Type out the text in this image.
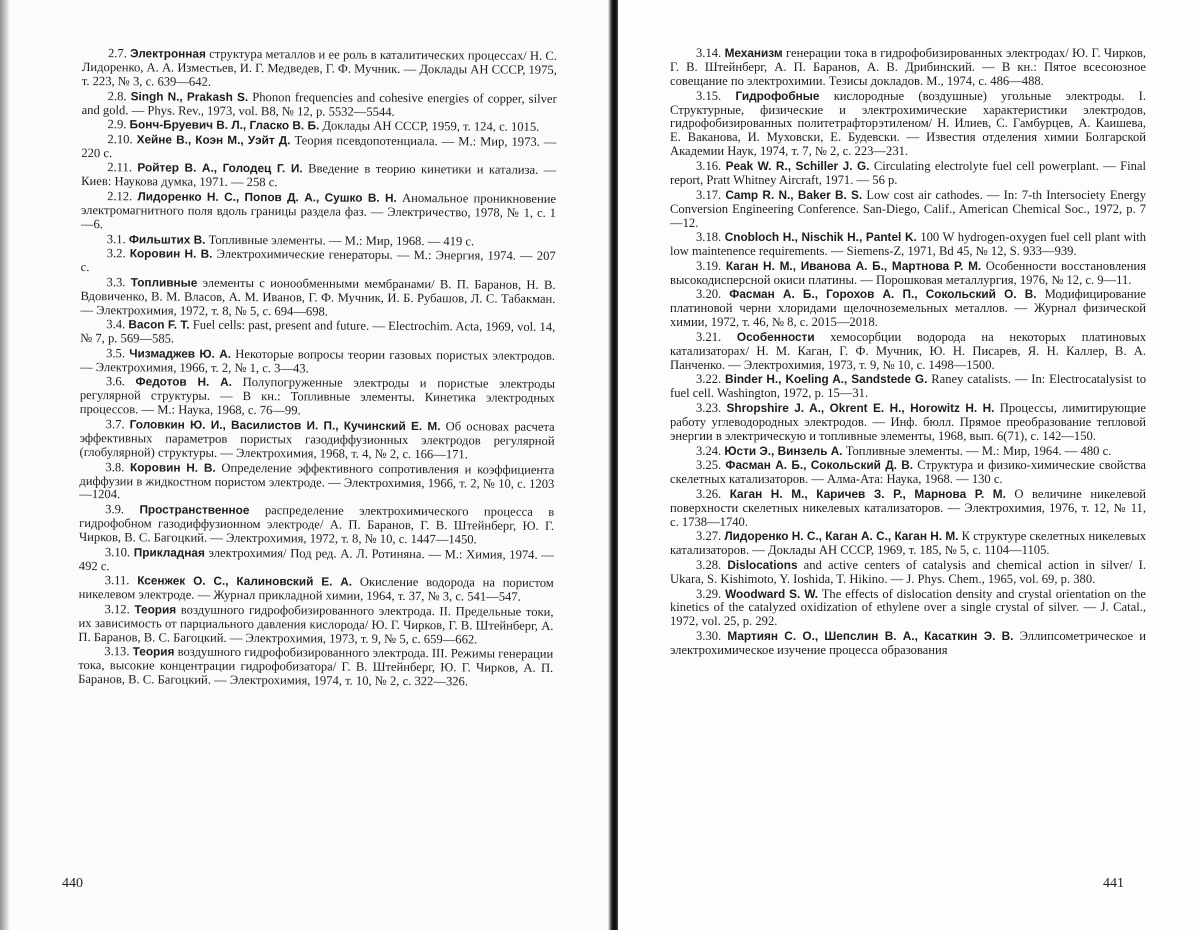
2.7. Электронная структура металлов и ее роль в каталитических процессах/ Н. С. Лидоренко, А. А. Изместьев, И. Г. Медведев, Г. Ф. Мучник. — Доклады АН СССР, 1975, т. 223, № 3, с. 639—642.

2.8. Singh N., Prakash S. Phonon frequencies and cohesive energies of copper, silver and gold. — Phys. Rev., 1973, vol. B8, № 12, p. 5532—5544.

2.9. Бонч-Бруевич В. Л., Гласко В. Б. Доклады АН СССР, 1959, т. 124, с. 1015.

2.10. Хейне В., Коэн М., Уэйт Д. Теория псевдопотенциала. — М.: Мир, 1973. — 220 с.

2.11. Ройтер В. А., Голодец Г. И. Введение в теорию кинетики и катализа. — Киев: Наукова думка, 1971. — 258 с.

2.12. Лидоренко Н. С., Попов Д. А., Сушко В. Н. Аномальное проникновение электромагнитного поля вдоль границы раздела фаз. — Электричество, 1978, № 1, с. 1—6.

3.1. Фильштих В. Топливные элементы. — М.: Мир, 1968. — 419 с.

3.2. Коровин Н. В. Электрохимические генераторы. — М.: Энергия, 1974. — 207 с.

3.3. Топливные элементы с ионообменными мембранами/ В. П. Баранов, Н. В. Вдовиченко, В. М. Власов, А. М. Иванов, Г. Ф. Мучник, И. Б. Рубашов, Л. С. Табакман. — Электрохимия, 1972, т. 8, № 5, с. 694—698.

3.4. Bacon F. T. Fuel cells: past, present and future. — Electrochim. Acta, 1969, vol. 14, № 7, p. 569—585.

3.5. Чизмаджев Ю. А. Некоторые вопросы теории газовых пористых электродов. — Электрохимия, 1966, т. 2, № 1, с. 3—43.

3.6. Федотов Н. А. Полупогруженные электроды и пористые электроды регулярной структуры. — В кн.: Топливные элементы. Кинетика электродных процессов. — М.: Наука, 1968, с. 76—99.

3.7. Головкин Ю. И., Василистов И. П., Кучинский Е. М. Об основах расчета эффективных параметров пористых газодиффузионных электродов регулярной (глобулярной) структуры. — Электрохимия, 1968, т. 4, № 2, с. 166—171.

3.8. Коровин Н. В. Определение эффективного сопротивления и коэффициента диффузии в жидкостном пористом электроде. — Электрохимия, 1966, т. 2, № 10, с. 1203—1204.

3.9. Пространственное распределение электрохимического процесса в гидрофобном газодиффузионном электроде/ А. П. Баранов, Г. В. Штейнберг, Ю. Г. Чирков, В. С. Багоцкий. — Электрохимия, 1972, т. 8, № 10, с. 1447—1450.

3.10. Прикладная электрохимия/ Под ред. А. Л. Ротиняна. — М.: Химия, 1974. — 492 с.

3.11. Ксенжек О. С., Калиновский Е. А. Окисление водорода на пористом никелевом электроде. — Журнал прикладной химии, 1964, т. 37, № 3, с. 541—547.

3.12. Теория воздушного гидрофобизированного электрода. II. Предельные токи, их зависимость от парциального давления кислорода/ Ю. Г. Чирков, Г. В. Штейнберг, А. П. Баранов, В. С. Багоцкий. — Электрохимия, 1973, т. 9, № 5, с. 659—662.

3.13. Теория воздушного гидрофобизированного электрода. III. Режимы генерации тока, высокие концентрации гидрофобизатора/ Г. В. Штейнберг, Ю. Г. Чирков, А. П. Баранов, В. С. Багоцкий. — Электрохимия, 1974, т. 10, № 2, с. 322—326.

440

3.14. Механизм генерации тока в гидрофобизированных электродах/ Ю. Г. Чирков, Г. В. Штейнберг, А. П. Баранов, А. В. Дрибинский. — В кн.: Пятое всесоюзное совещание по электрохимии. Тезисы докладов. М., 1974, с. 486—488.

3.15. Гидрофобные кислородные (воздушные) угольные электроды. I. Структурные, физические и электрохимические характеристики электродов, гидрофобизированных политетрафторэтиленом/ Н. Илиев, С. Гамбурцев, А. Каишева, Е. Ваканова, И. Муховски, Е. Будевски. — Известия отделения химии Болгарской Академии Наук, 1974, т. 7, № 2, с. 223—231.

3.16. Peak W. R., Schiller J. G. Circulating electrolyte fuel cell powerplant. — Final report, Pratt Whitney Aircraft, 1971. — 56 p.

3.17. Camp R. N., Baker B. S. Low cost air cathodes. — In: 7-th Intersociety Energy Conversion Engineering Conference. San-Diego, Calif., American Chemical Soc., 1972, p. 7—12.

3.18. Cnobloch H., Nischik H., Pantel K. 100 W hydrogen-oxygen fuel cell plant with low maintenence requirements. — Siemens-Z, 1971, Bd 45, № 12, S. 933—939.

3.19. Каган Н. М., Иванова А. Б., Мартнова Р. М. Особенности восстановления высокодисперсной окиси платины. — Порошковая металлургия, 1976, № 12, с. 9—11.

3.20. Фасман А. Б., Горохов А. П., Сокольский О. В. Модифицирование платиновой черни хлоридами щелочноземельных металлов. — Журнал физической химии, 1972, т. 46, № 8, с. 2015—2018.

3.21. Особенности хемосорбции водорода на некоторых платиновых катализаторах/ Н. М. Каган, Г. Ф. Мучник, Ю. Н. Писарев, Я. Н. Каллер, В. А. Панченко. — Электрохимия, 1973, т. 9, № 10, с. 1498—1500.

3.22. Binder H., Koeling A., Sandstede G. Raney catalists. — In: Electrocatalysist to fuel cell. Washington, 1972, p. 15—31.

3.23. Shropshire J. A., Okrent E. H., Horowitz H. H. Процессы, лимитирующие работу углеводородных электродов. — Инф. бюлл. Прямое преобразование тепловой энергии в электрическую и топливные элементы, 1968, вып. 6(71), с. 142—150.

3.24. Юсти Э., Винзель А. Топливные элементы. — М.: Мир, 1964. — 480 с.

3.25. Фасман А. Б., Сокольский Д. В. Структура и физико-химические свойства скелетных катализаторов. — Алма-Ата: Наука, 1968. — 130 с.

3.26. Каган Н. М., Каричев З. Р., Марнова Р. М. О величине никелевой поверхности скелетных никелевых катализаторов. — Электрохимия, 1976, т. 12, № 11, с. 1738—1740.

3.27. Лидоренко Н. С., Каган А. С., Каган Н. М. К структуре скелетных никелевых катализаторов. — Доклады АН СССР, 1969, т. 185, № 5, с. 1104—1105.

3.28. Dislocations and active centers of catalysis and chemical action in silver/ I. Ukara, S. Kishimoto, Y. Ioshida, T. Hikino. — J. Phys. Chem., 1965, vol. 69, p. 380.

3.29. Woodward S. W. The effects of dislocation density and crystal orientation on the kinetics of the catalyzed oxidization of ethylene over a single crystal of silver. — J. Catal., 1972, vol. 25, p. 292.

3.30. Мартиян С. О., Шепслин В. А., Касаткин Э. В. Эллипсометрическое и электрохимическое изучение процесса образования

441
